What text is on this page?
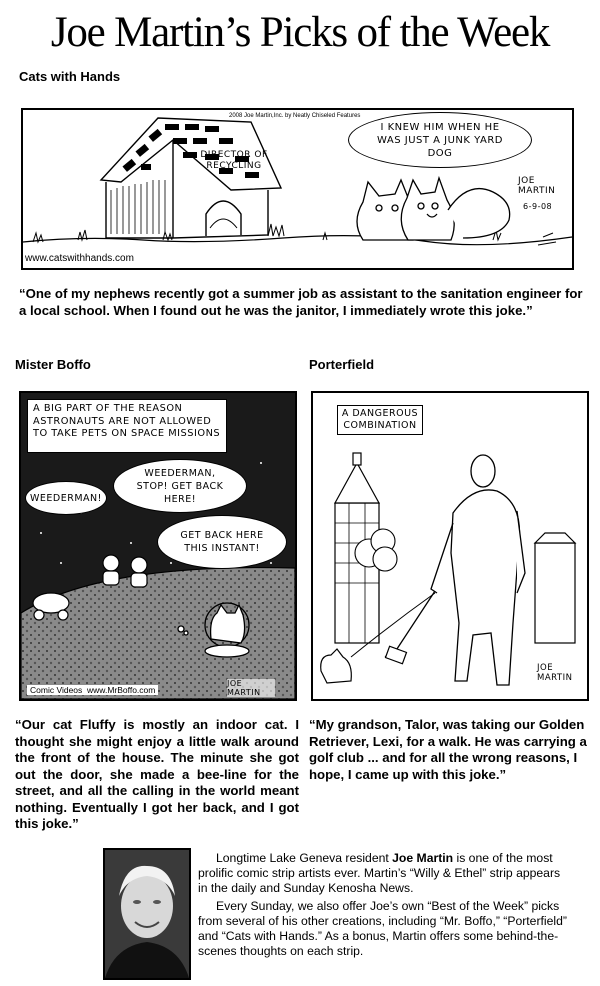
Joe Martin’s Picks of the Week
Cats with Hands
2008 Joe Martin,Inc. by Neatly Chiseled Features
DIRECTOR OF RECYCLING
I KNEW HIM WHEN HE WAS JUST A JUNK YARD DOG
JOE MARTIN
6-9-08
www.catswithhands.com
“One of my nephews recently got a summer job as assistant to the sanitation engineer for a local school. When I found out he was the janitor, I immediately wrote this joke.”
Mister Boffo
A BIG PART OF THE REASON ASTRONAUTS ARE NOT ALLOWED TO TAKE PETS ON SPACE MISSIONS
WEEDERMAN!
WEEDERMAN, STOP! GET BACK HERE!
GET BACK HERE THIS INSTANT!
Comic Videos  www.MrBoffo.com
JOE MARTIN
“Our cat Fluffy is mostly an indoor cat. I thought she might enjoy a little walk around the front of the house. The minute she got out the door, she made a bee-line for the street, and all the calling in the world meant nothing. Eventually I got her back, and I got this joke.”
Porterfield
A DANGEROUS COMBINATION
JOE MARTIN
“My grandson, Talor, was taking our Golden Retriever, Lexi, for a walk. He was carrying a golf club ... and for all the wrong reasons, I hope, I came up with this joke.”

Longtime Lake Geneva resident Joe Martin is one of the most prolific comic strip artists ever. Martin’s “Willy & Ethel” strip appears in the daily and Sunday Kenosha News.

Every Sunday, we also offer Joe’s own “Best of the Week” picks from several of his other creations, including “Mr. Boffo,” “Porterfield” and “Cats with Hands.” As a bonus, Martin offers some behind-the-scenes thoughts on each strip.
